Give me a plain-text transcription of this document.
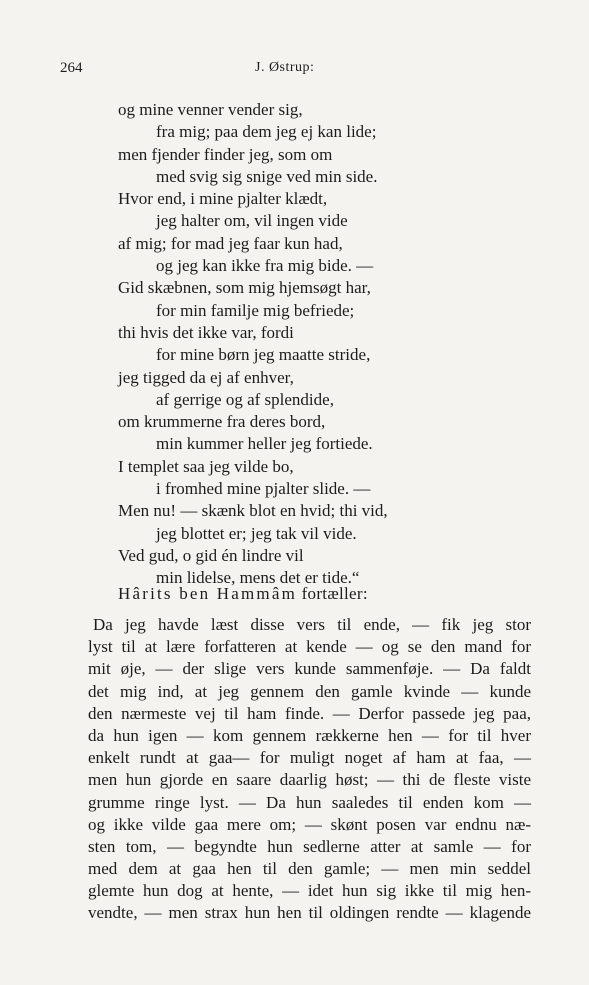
264	J. Østrup:
og mine venner vender sig,
fra mig; paa dem jeg ej kan lide;
men fjender finder jeg, som om
med svig sig snige ved min side.
Hvor end, i mine pjalter klædt,
jeg halter om, vil ingen vide
af mig; for mad jeg faar kun had,
og jeg kan ikke fra mig bide. —
Gid skæbnen, som mig hjemsøgt har,
for min familje mig befriede;
thi hvis det ikke var, fordi
for mine børn jeg maatte stride,
jeg tigged da ej af enhver,
af gerrige og af splendide,
om krummerne fra deres bord,
min kummer heller jeg fortiede.
I templet saa jeg vilde bo,
i fromhed mine pjalter slide. —
Men nu! — skænk blot en hvid; thi vid,
jeg blottet er; jeg tak vil vide.
Ved gud, o gid én lindre vil
min lidelse, mens det er tide.“
Hârits ben Hammâm fortæller:
Da jeg havde læst disse vers til ende, — fik jeg stor
lyst til at lære forfatteren at kende — og se den mand for
mit øje, — der slige vers kunde sammenføje. — Da faldt
det mig ind, at jeg gennem den gamle kvinde — kunde
den nærmeste vej til ham finde. — Derfor passede jeg paa,
da hun igen — kom gennem rækkerne hen — for til hver
enkelt rundt at gaa— for muligt noget af ham at faa, —
men hun gjorde en saare daarlig høst; — thi de fleste viste
grumme ringe lyst. — Da hun saaledes til enden kom —
og ikke vilde gaa mere om; — skønt posen var endnu næ-
sten tom, — begyndte hun sedlerne atter at samle — for
med dem at gaa hen til den gamle; — men min seddel
glemte hun dog at hente, — idet hun sig ikke til mig hen-
vendte, — men strax hun hen til oldingen rendte — klagende
